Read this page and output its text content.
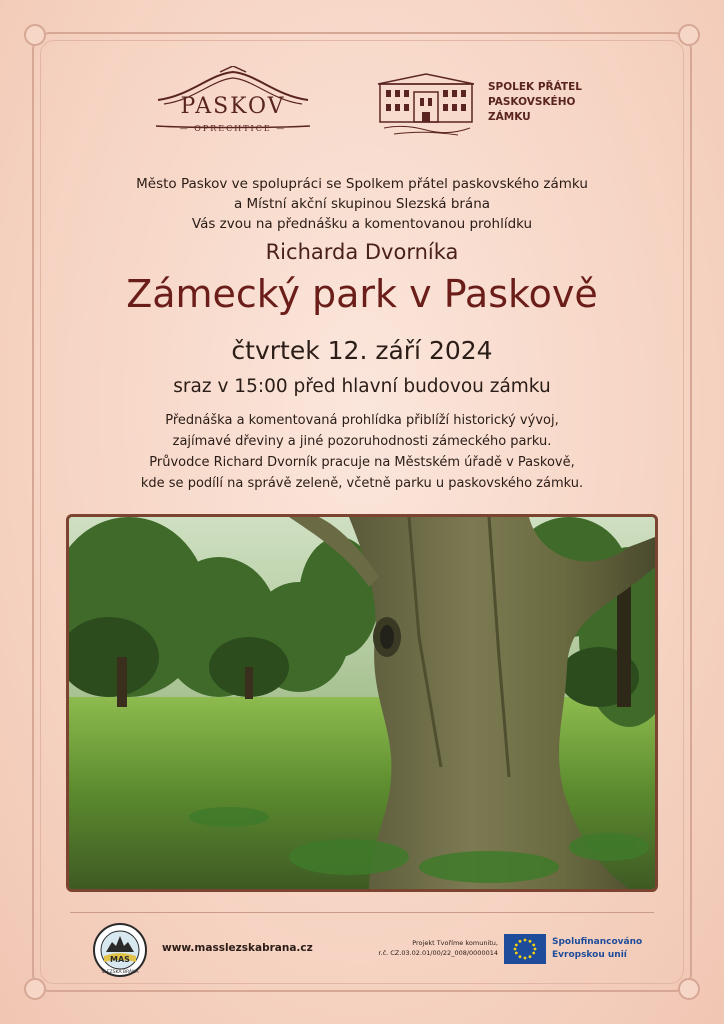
PASKOV
— OPRECHTICE —
SPOLEK PŘÁTEL
PASKOVSKÉHO
ZÁMKU
Město Paskov ve spolupráci se Spolkem přátel paskovského zámku
a Místní akční skupinou Slezská brána
Vás zvou na přednášku a komentovanou prohlídku
Richarda Dvorníka
Zámecký park v Paskově
čtvrtek 12. září 2024
sraz v 15:00 před hlavní budovou zámku
Přednáška a komentovaná prohlídka přiblíží historický vývoj,
zajímavé dřeviny a jiné pozoruhodnosti zámeckého parku.
Průvodce Richard Dvorník pracuje na Městském úřadě v Paskově,
kde se podílí na správě zeleně, včetně parku u paskovského zámku.
MAS
SLEZSKÁ BRÁNA
www.masslezskabrana.cz	Projekt Tvoříme komunitu,
r.č. CZ.03.02.01/00/22_008/0000014
Spolufinancováno
Evropskou unií
